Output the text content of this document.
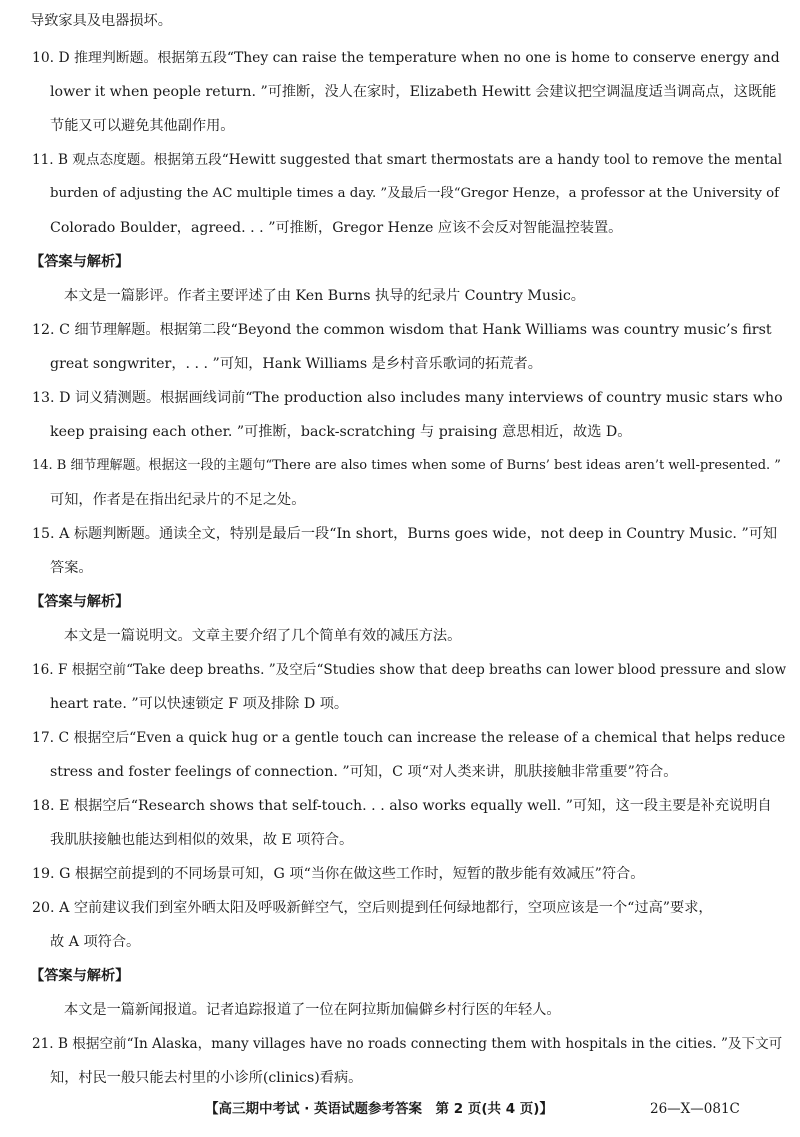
导致家具及电器损坏。
10. D 推理判断题。根据第五段“They can raise the temperature when no one is home to conserve energy and
lower it when people return. ”可推断，没人在家时，Elizabeth Hewitt 会建议把空调温度适当调高点，这既能
节能又可以避免其他副作用。
11. B 观点态度题。根据第五段“Hewitt suggested that smart thermostats are a handy tool to remove the mental
burden of adjusting the AC multiple times a day. ”及最后一段“Gregor Henze，a professor at the University of
Colorado Boulder，agreed. . . ”可推断，Gregor Henze 应该不会反对智能温控装置。
【答案与解析】
本文是一篇影评。作者主要评述了由 Ken Burns 执导的纪录片 Country Music。
12. C 细节理解题。根据第二段“Beyond the common wisdom that Hank Williams was country music’s first
great songwriter，. . . ”可知，Hank Williams 是乡村音乐歌词的拓荒者。
13. D 词义猜测题。根据画线词前“The production also includes many interviews of country music stars who
keep praising each other. ”可推断，back-scratching 与 praising 意思相近，故选 D。
14. B 细节理解题。根据这一段的主题句“There are also times when some of Burns’ best ideas aren’t well-presented. ”
可知，作者是在指出纪录片的不足之处。
15. A 标题判断题。通读全文，特别是最后一段“In short，Burns goes wide，not deep in Country Music. ”可知
答案。
【答案与解析】
本文是一篇说明文。文章主要介绍了几个简单有效的减压方法。
16. F 根据空前“Take deep breaths. ”及空后“Studies show that deep breaths can lower blood pressure and slow
heart rate. ”可以快速锁定 F 项及排除 D 项。
17. C 根据空后“Even a quick hug or a gentle touch can increase the release of a chemical that helps reduce
stress and foster feelings of connection. ”可知，C 项“对人类来讲，肌肤接触非常重要”符合。
18. E 根据空后“Research shows that self-touch. . . also works equally well. ”可知，这一段主要是补充说明自
我肌肤接触也能达到相似的效果，故 E 项符合。
19. G 根据空前提到的不同场景可知，G 项“当你在做这些工作时，短暂的散步能有效减压”符合。
20. A 空前建议我们到室外晒太阳及呼吸新鲜空气，空后则提到任何绿地都行，空项应该是一个“过高”要求，
故 A 项符合。
【答案与解析】
本文是一篇新闻报道。记者追踪报道了一位在阿拉斯加偏僻乡村行医的年轻人。
21. B 根据空前“In Alaska，many villages have no roads connecting them with hospitals in the cities. ”及下文可
知，村民一般只能去村里的小诊所(clinics)看病。
【高三期中考试 · 英语试题参考答案　第 2 页(共 4 页)】	26—X—081C
